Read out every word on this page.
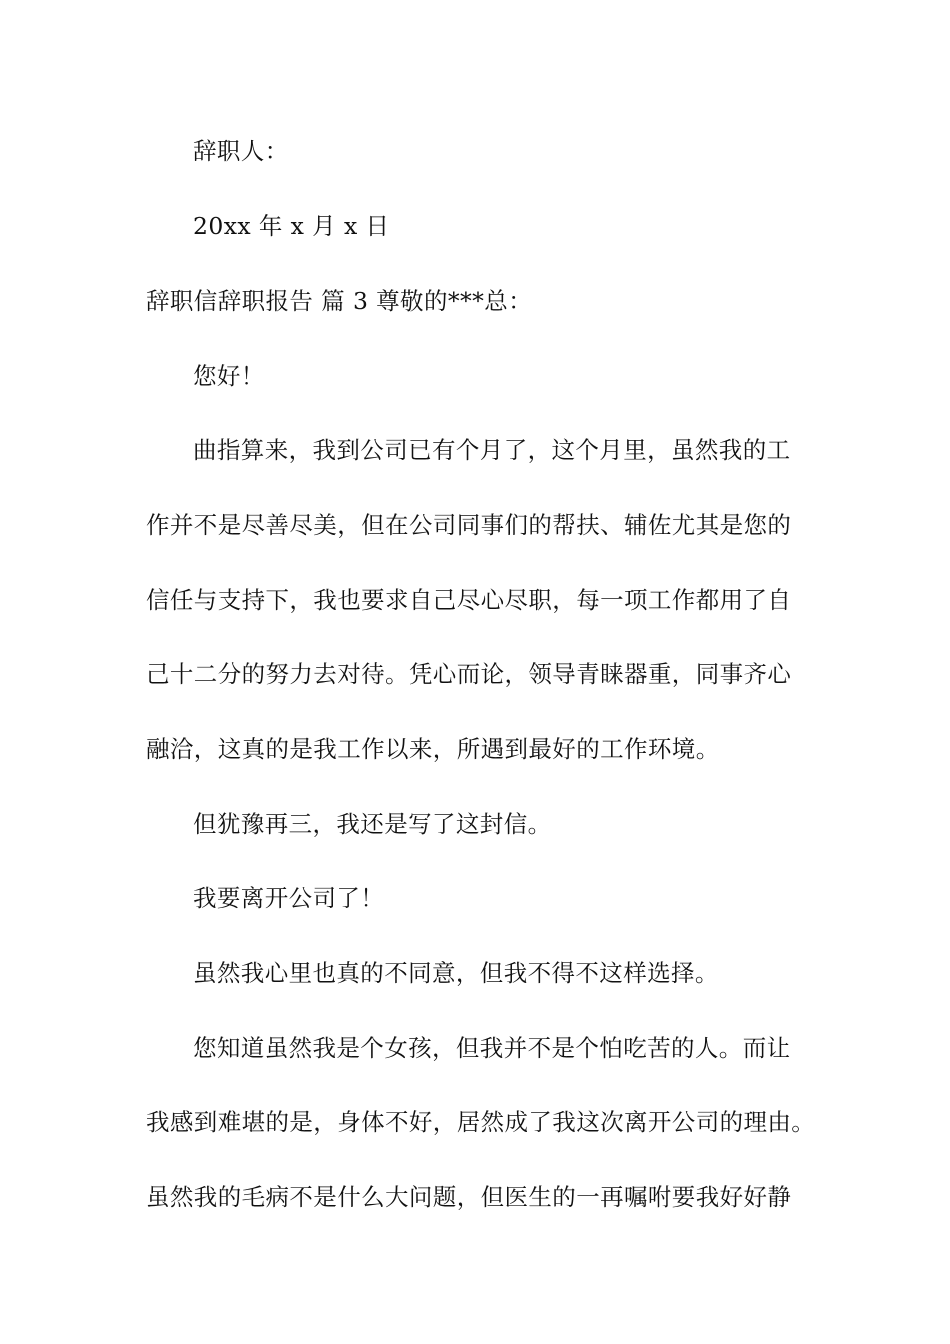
辞职人：
20xx 年 x 月 x 日
辞职信辞职报告 篇 3 尊敬的***总：
您好！
曲指算来，我到公司已有个月了，这个月里，虽然我的工
作并不是尽善尽美，但在公司同事们的帮扶、辅佐尤其是您的
信任与支持下，我也要求自己尽心尽职，每一项工作都用了自
己十二分的努力去对待。凭心而论，领导青睐器重，同事齐心
融洽，这真的是我工作以来，所遇到最好的工作环境。
但犹豫再三，我还是写了这封信。
我要离开公司了！
虽然我心里也真的不同意，但我不得不这样选择。
您知道虽然我是个女孩，但我并不是个怕吃苦的人。而让
我感到难堪的是，身体不好，居然成了我这次离开公司的理由。
虽然我的毛病不是什么大问题，但医生的一再嘱咐要我好好静
